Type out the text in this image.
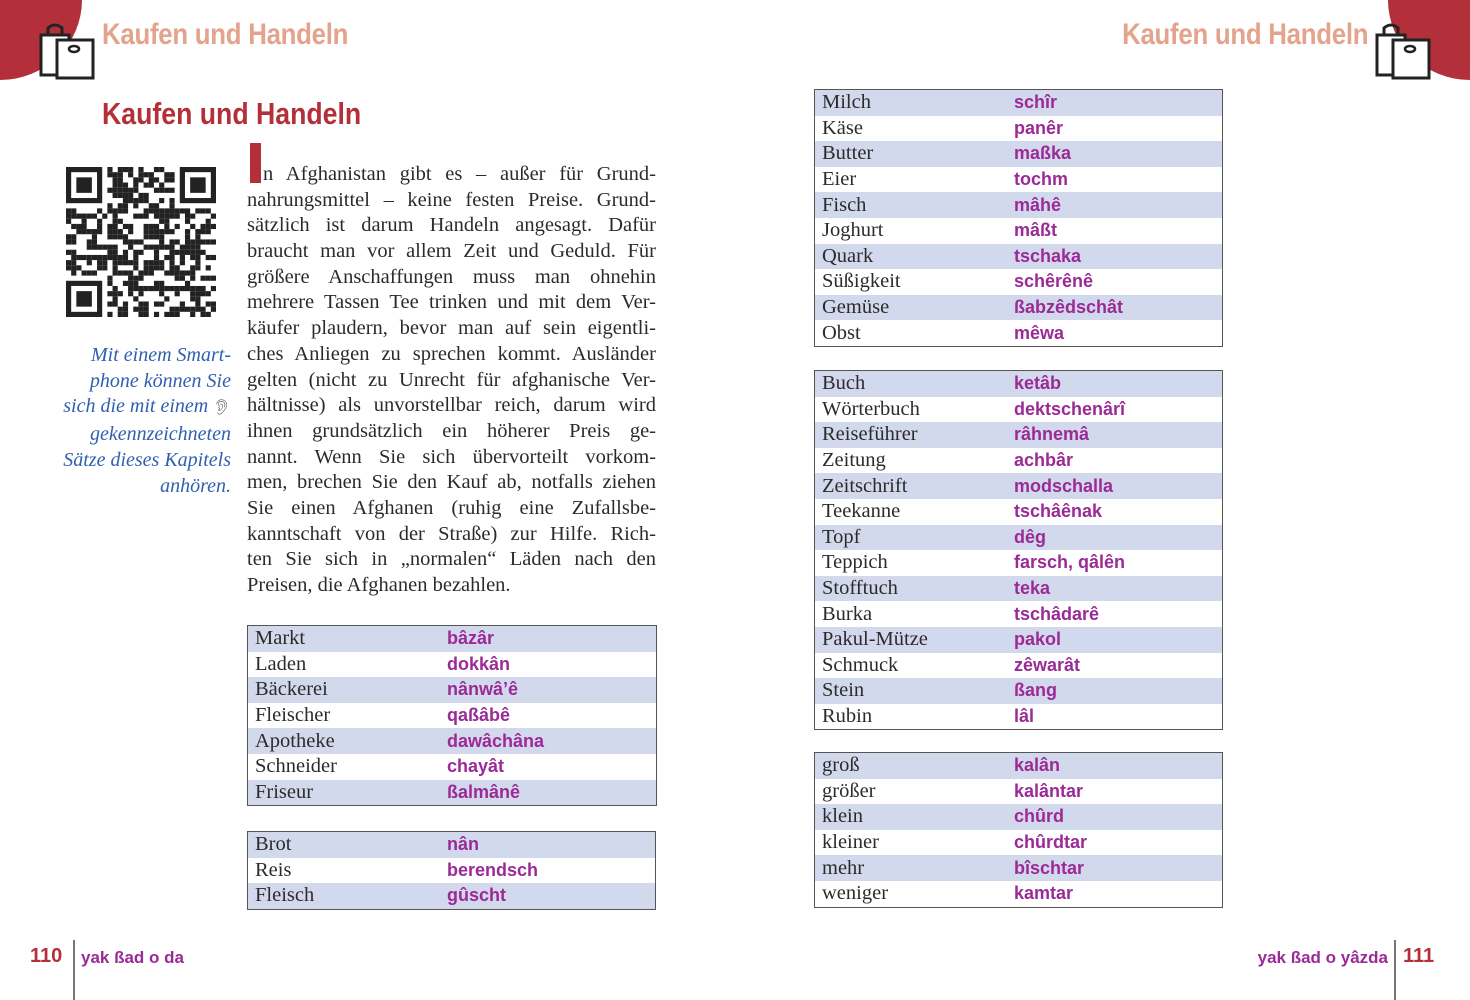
Kaufen und Handeln	Kaufen und Handeln
Kaufen und Handeln
Mit einem Smart-
phone können Sie
sich die mit einem 👂︎
gekennzeichneten
Sätze dieses Kapitels
anhören.
n Afghanistan gibt es – außer für Grund-
nahrungsmittel – keine festen Preise. Grund-
sätzlich ist darum Handeln angesagt. Dafür
braucht man vor allem Zeit und Geduld. Für
größere Anschaffungen muss man ohnehin
mehrere Tassen Tee trinken und mit dem Ver-
käufer plaudern, bevor man auf sein eigentli-
ches Anliegen zu sprechen kommt. Ausländer
gelten (nicht zu Unrecht für afghanische Ver-
hältnisse) als unvorstellbar reich, darum wird
ihnen grundsätzlich ein höherer Preis ge-
nannt. Wenn Sie sich übervorteilt vorkom-
men, brechen Sie den Kauf ab, notfalls ziehen
Sie einen Afghanen (ruhig eine Zufallsbe-
kanntschaft von der Straße) zur Hilfe. Rich-
ten Sie sich in „normalen“ Läden nach den
Preisen, die Afghanen bezahlen.
Markt	bâzâr
Laden	dokkân
Bäckerei	nânwâ’ê
Fleischer	qaßâbê
Apotheke	dawâchâna
Schneider	chayât
Friseur	ßalmânê
Brot	nân
Reis	berendsch
Fleisch	gûscht
Milch	schîr
Käse	panêr
Butter	maßka
Eier	tochm
Fisch	mâhê
Joghurt	mâßt
Quark	tschaka
Süßigkeit	schêrênê
Gemüse	ßabzêdschât
Obst	mêwa
Buch	ketâb
Wörterbuch	dektschenârî
Reiseführer	râhnemâ
Zeitung	achbâr
Zeitschrift	modschalla
Teekanne	tschâênak
Topf	dêg
Teppich	farsch, qâlên
Stofftuch	teka
Burka	tschâdarê
Pakul-Mütze	pakol
Schmuck	zêwarât
Stein	ßang
Rubin	lâl
groß	kalân
größer	kalântar
klein	chûrd
kleiner	chûrdtar
mehr	bîschtar
weniger	kamtar
110 yak ßad o da	yak ßad o yâzda 111
